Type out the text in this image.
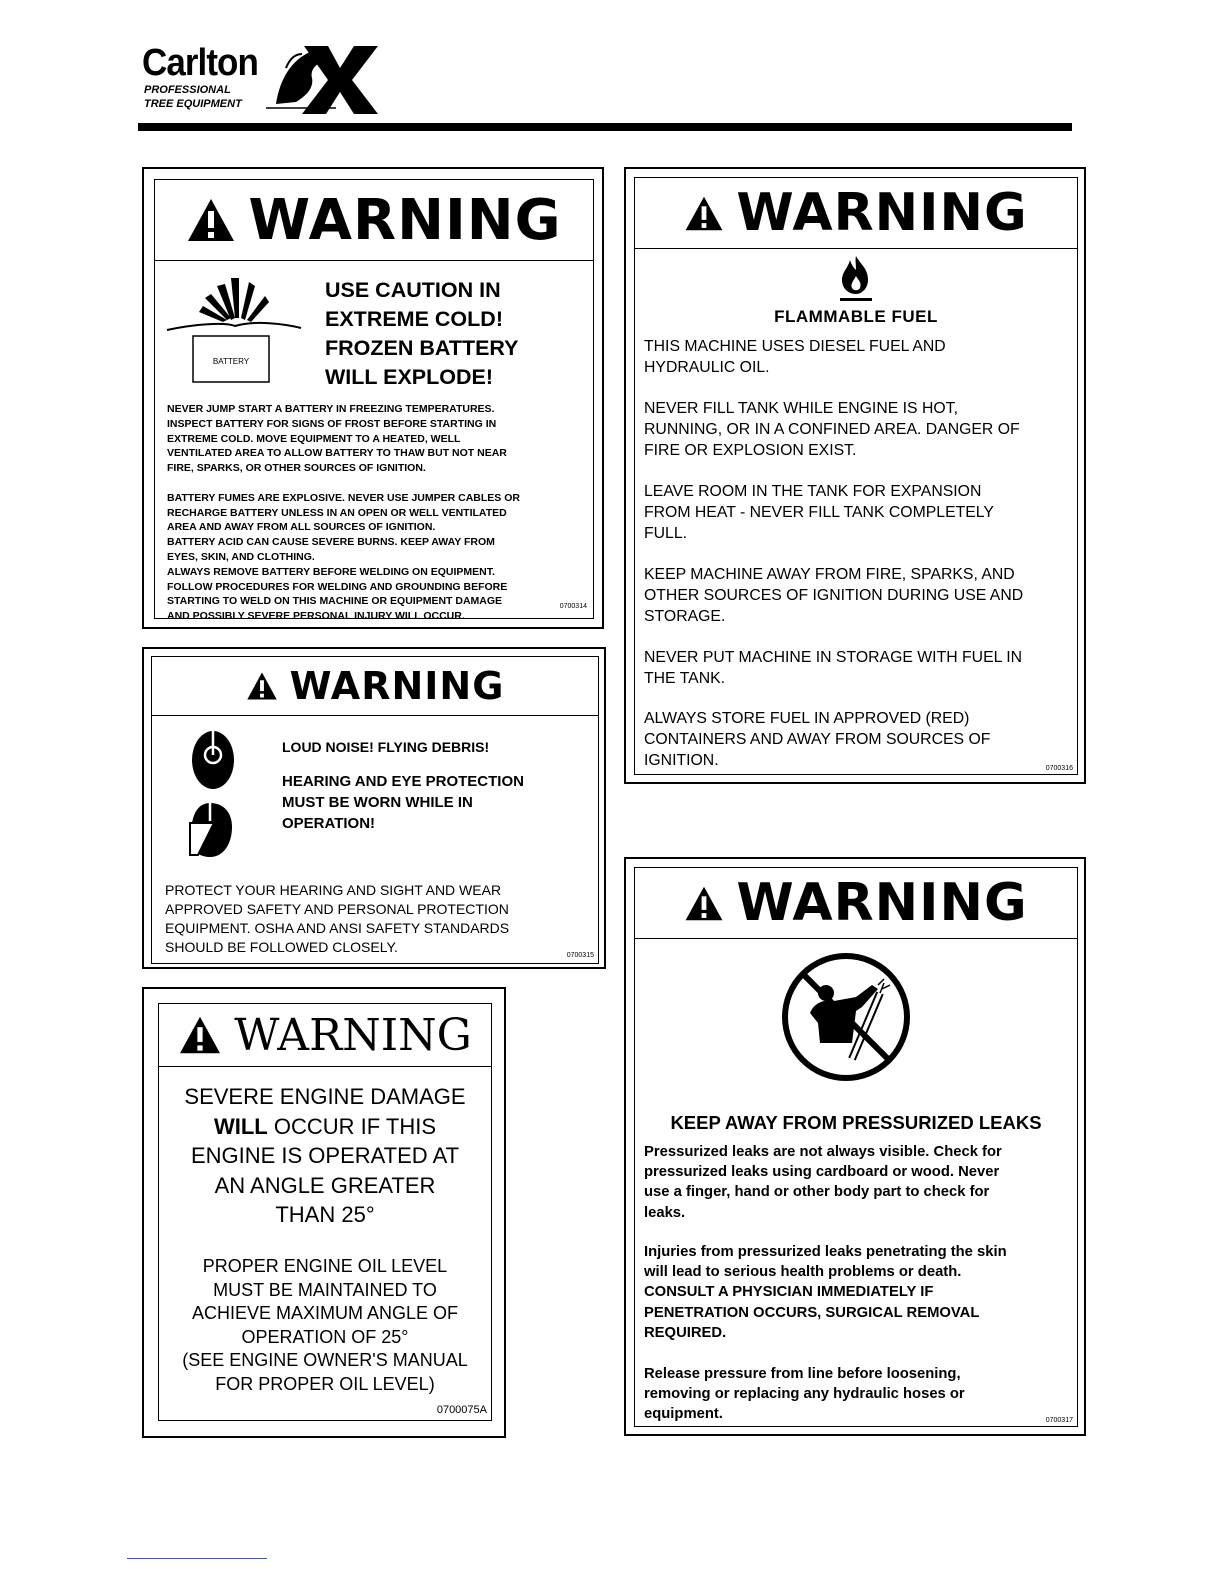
Carlton
PROFESSIONAL
TREE EQUIPMENT
WARNING
BATTERY
USE CAUTION IN
EXTREME COLD!
FROZEN BATTERY
WILL EXPLODE!
NEVER JUMP START A BATTERY IN FREEZING TEMPERATURES.
INSPECT BATTERY FOR SIGNS OF FROST BEFORE STARTING IN
EXTREME COLD. MOVE EQUIPMENT TO A HEATED, WELL
VENTILATED AREA TO ALLOW BATTERY TO THAW BUT NOT NEAR
FIRE, SPARKS, OR OTHER SOURCES OF IGNITION.

BATTERY FUMES ARE EXPLOSIVE. NEVER USE JUMPER CABLES OR
RECHARGE BATTERY UNLESS IN AN OPEN OR WELL VENTILATED
AREA AND AWAY FROM ALL SOURCES OF IGNITION.
BATTERY ACID CAN CAUSE SEVERE BURNS. KEEP AWAY FROM
EYES, SKIN, AND CLOTHING.
ALWAYS REMOVE BATTERY BEFORE WELDING ON EQUIPMENT.
FOLLOW PROCEDURES FOR WELDING AND GROUNDING BEFORE
STARTING TO WELD ON THIS MACHINE OR EQUIPMENT DAMAGE
AND POSSIBLY SEVERE PERSONAL INJURY WILL OCCUR.
0700314
WARNING
LOUD NOISE! FLYING DEBRIS!
HEARING AND EYE PROTECTION
MUST BE WORN WHILE IN
OPERATION!
PROTECT YOUR HEARING AND SIGHT AND WEAR
APPROVED SAFETY AND PERSONAL PROTECTION
EQUIPMENT. OSHA AND ANSI SAFETY STANDARDS
SHOULD BE FOLLOWED CLOSELY.
0700315
WARNING
SEVERE ENGINE DAMAGE
WILL OCCUR IF THIS
ENGINE IS OPERATED AT
AN ANGLE GREATER
THAN 25°
PROPER ENGINE OIL LEVEL
MUST BE MAINTAINED TO
ACHIEVE MAXIMUM ANGLE OF
OPERATION OF 25°
(SEE ENGINE OWNER'S MANUAL
FOR PROPER OIL LEVEL)
0700075A
WARNING
FLAMMABLE FUEL
THIS MACHINE USES DIESEL FUEL AND
HYDRAULIC OIL.
NEVER FILL TANK WHILE ENGINE IS HOT,
RUNNING, OR IN A CONFINED AREA. DANGER OF
FIRE OR EXPLOSION EXIST.
LEAVE ROOM IN THE TANK FOR EXPANSION
FROM HEAT - NEVER FILL TANK COMPLETELY
FULL.
KEEP MACHINE AWAY FROM FIRE, SPARKS, AND
OTHER SOURCES OF IGNITION DURING USE AND
STORAGE.
NEVER PUT MACHINE IN STORAGE WITH FUEL IN
THE TANK.
ALWAYS STORE FUEL IN APPROVED (RED)
CONTAINERS AND AWAY FROM SOURCES OF
IGNITION.	0700316
WARNING
KEEP AWAY FROM PRESSURIZED LEAKS
Pressurized leaks are not always visible. Check for
pressurized leaks using cardboard or wood. Never
use a finger, hand or other body part to check for
leaks.
Injuries from pressurized leaks penetrating the skin
will lead to serious health problems or death.
CONSULT A PHYSICIAN IMMEDIATELY IF
PENETRATION OCCURS, SURGICAL REMOVAL
REQUIRED.
Release pressure from line before loosening,
removing or replacing any hydraulic hoses or
equipment.	0700317
